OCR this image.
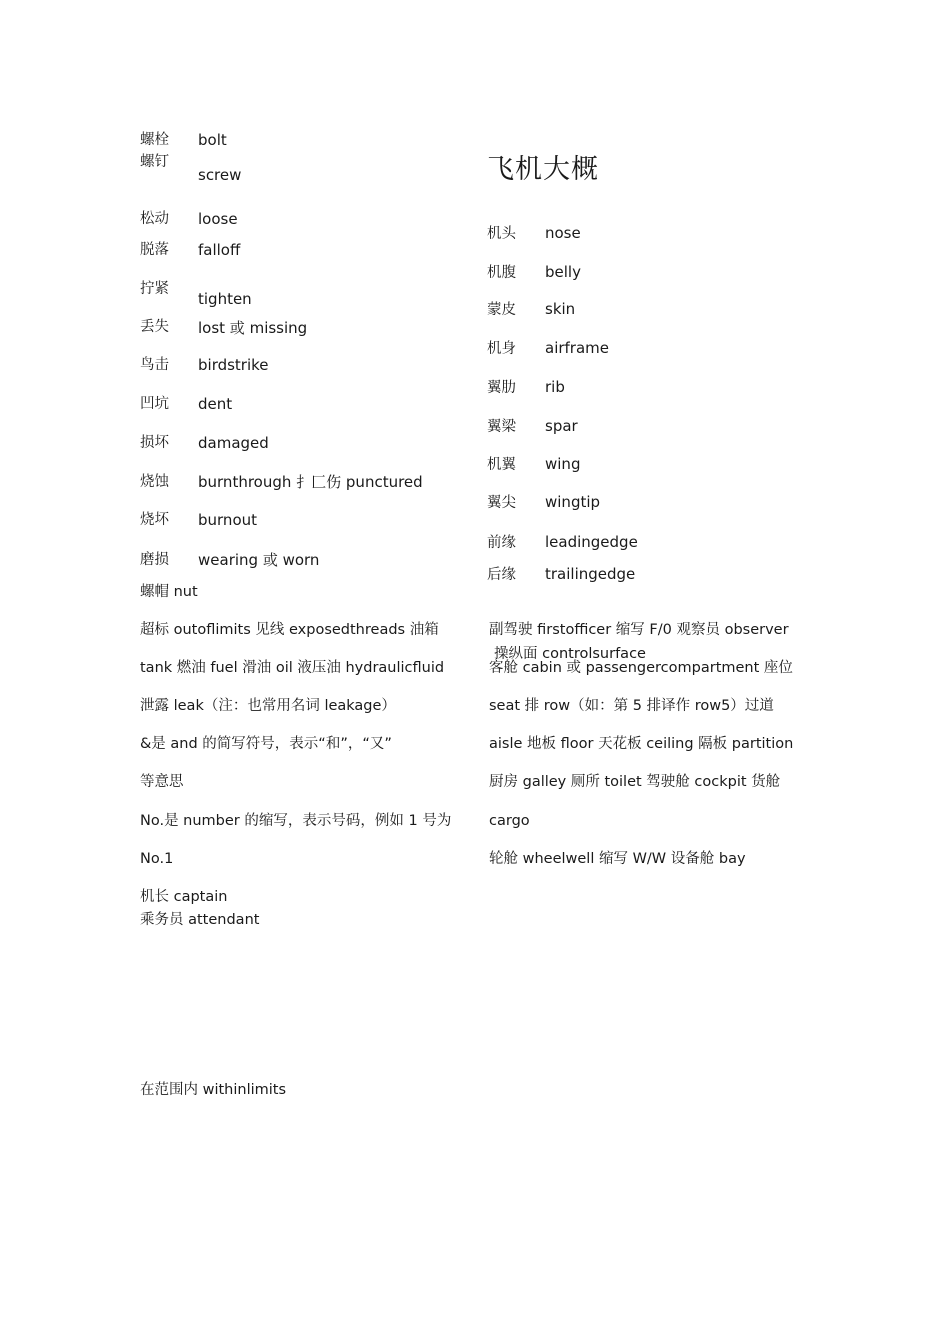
螺栓 bolt
螺钉
screw
松动 loose
脱落 falloff
拧紧
tighten
丢失 lost 或 missing
鸟击 birdstrike
凹坑 dent
损坏 damaged
烧蚀 burnthrough 扌匚伤 punctured
烧坏 burnout
磨损 wearing 或 worn
飞机大概
机头 nose
机腹 belly
蒙皮 skin
机身 airframe
翼肋 rib
翼梁 spar
机翼 wing
翼尖 wingtip
前缘 leadingedge
后缘 trailingedge
螺帽 nut
超标 outoflimits 见线 exposedthreads 油箱
tank 燃油 fuel 滑油 oil 液压油 hydraulicfluid
泄露 leak（注：也常用名词 leakage）
&是 and 的简写符号，表示“和”，“又”
等意思
No.是 number 的缩写，表示号码，例如 1 号为
No.1
机长 captain
乘务员 attendant
在范围内 withinlimits
副驾驶 firstofficer 缩写 F/0 观察员 observer
操纵面 controlsurface
客舱 cabin 或 passengercompartment 座位
seat 排 row（如：第 5 排译作 row5）过道
aisle 地板 floor 天花板 ceiling 隔板 partition
厨房 galley 厕所 toilet 驾驶舱 cockpit 货舱
cargo
轮舱 wheelwell 缩写 W/W 设备舱 bay
